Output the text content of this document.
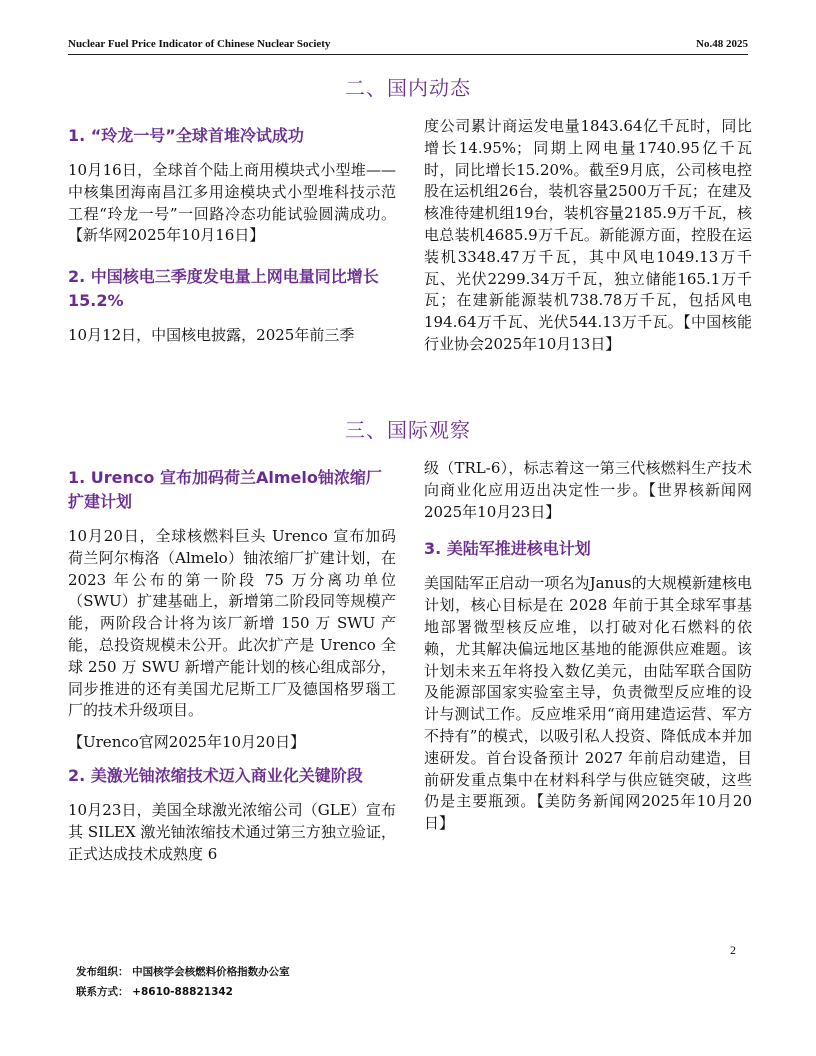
Nuclear Fuel Price Indicator of Chinese Nuclear Society	No.48 2025
二、国内动态
1. “玲龙一号”全球首堆冷试成功

10月16日，全球首个陆上商用模块式小型堆——中核集团海南昌江多用途模块式小型堆科技示范工程“玲龙一号”一回路冷态功能试验圆满成功。【新华网2025年10月16日】

2. 中国核电三季度发电量上网电量同比增长15.2%

10月12日，中国核电披露，2025年前三季

度公司累计商运发电量1843.64亿千瓦时，同比增长14.95%；同期上网电量1740.95亿千瓦时，同比增长15.20%。截至9月底，公司核电控股在运机组26台，装机容量2500万千瓦；在建及核准待建机组19台，装机容量2185.9万千瓦，核电总装机4685.9万千瓦。新能源方面，控股在运装机3348.47万千瓦，其中风电1049.13万千瓦、光伏2299.34万千瓦，独立储能165.1万千瓦；在建新能源装机738.78万千瓦，包括风电194.64万千瓦、光伏544.13万千瓦。【中国核能行业协会2025年10月13日】

三、国际观察
1. Urenco 宣布加码荷兰Almelo铀浓缩厂扩建计划

10月20日，全球核燃料巨头 Urenco 宣布加码荷兰阿尔梅洛（Almelo）铀浓缩厂扩建计划，在 2023 年公布的第一阶段 75 万分离功单位（SWU）扩建基础上，新增第二阶段同等规模产能，两阶段合计将为该厂新增 150 万 SWU 产能，总投资规模未公开。此次扩产是 Urenco 全球 250 万 SWU 新增产能计划的核心组成部分，同步推进的还有美国尤尼斯工厂及德国格罗瑙工厂的技术升级项目。

【Urenco官网2025年10月20日】

2. 美激光铀浓缩技术迈入商业化关键阶段

10月23日，美国全球激光浓缩公司（GLE）宣布其 SILEX 激光铀浓缩技术通过第三方独立验证，正式达成技术成熟度 6

级（TRL-6），标志着这一第三代核燃料生产技术向商业化应用迈出决定性一步。【世界核新闻网2025年10月23日】

3. 美陆军推进核电计划

美国陆军正启动一项名为Janus的大规模新建核电计划，核心目标是在 2028 年前于其全球军事基地部署微型核反应堆，以打破对化石燃料的依赖，尤其解决偏远地区基地的能源供应难题。该计划未来五年将投入数亿美元，由陆军联合国防及能源部国家实验室主导，负责微型反应堆的设计与测试工作。反应堆采用“商用建造运营、军方不持有”的模式，以吸引私人投资、降低成本并加速研发。首台设备预计 2027 年前启动建造，目前研发重点集中在材料科学与供应链突破，这些仍是主要瓶颈。【美防务新闻网2025年10月20日】

2
发布组织： 中国核学会核燃料价格指数办公室
联系方式： +8610-88821342
